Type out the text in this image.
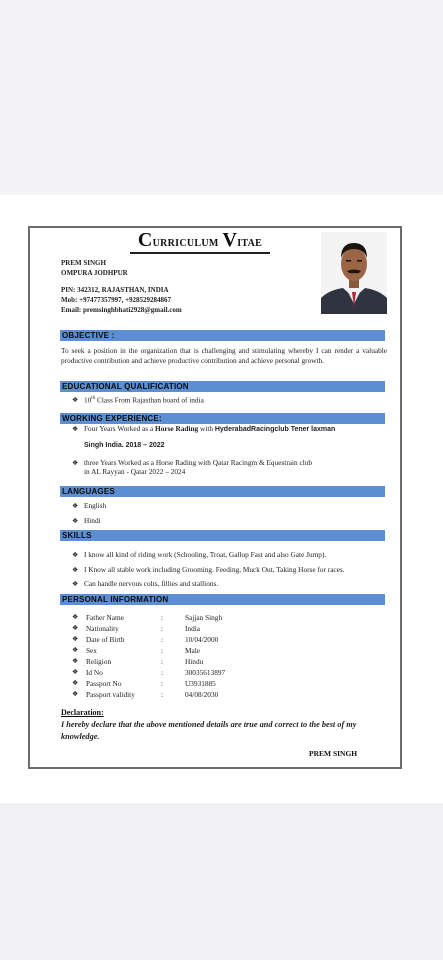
Curriculum Vitae
PREM SINGH
OMPURA JODHPUR
PIN: 342312, RAJASTHAN, INDIA
Mob: +97477357997, +928529284867
Email: premsinghbhati2928@gmail.com
OBJECTIVE :
To seek a position in the organization that is challenging and stimulating whereby I can render a valuable productive contribution and achieve productive contribution and achieve personal growth.
EDUCATIONAL QUALIFICATION
❖ 10th Class From Rajasthan board of india
WORKING EXPERIENCE:
❖ Four Years Worked as a Horse Rading with HyderabadRacingclub Tener laxman
Singh India. 2018 – 2022
❖ three Years Worked as a Horse Rading with Qatar Racingm & Equestrain club
in AL Rayyan - Qatar 2022 – 2024
LANGUAGES
❖ English
❖ Hindi
SKILLS
❖ I know all kind of riding work (Schooling, Troat, Gallop Fast and also Gate Jump).
❖ I Know all stable work including Grooming. Feeding, Muck Out, Taking Horse for races.
❖ Can handle nervous colts, fillies and stallions.
PERSONAL INFORMATION
❖ Father Name	:	Sajjan Singh
❖ Nationality	:	India
❖ Date of Birth	:	10/04/2000
❖ Sex	:	Male
❖ Religion	:	Hindu
❖ Id No	:	30035613897
❖ Passport No	:	U3931885
❖ Passport validity	:	04/08/2030
Declaration:
I hereby declare that the above mentioned details are true and correct to the best of my knowledge.
PREM SINGH
